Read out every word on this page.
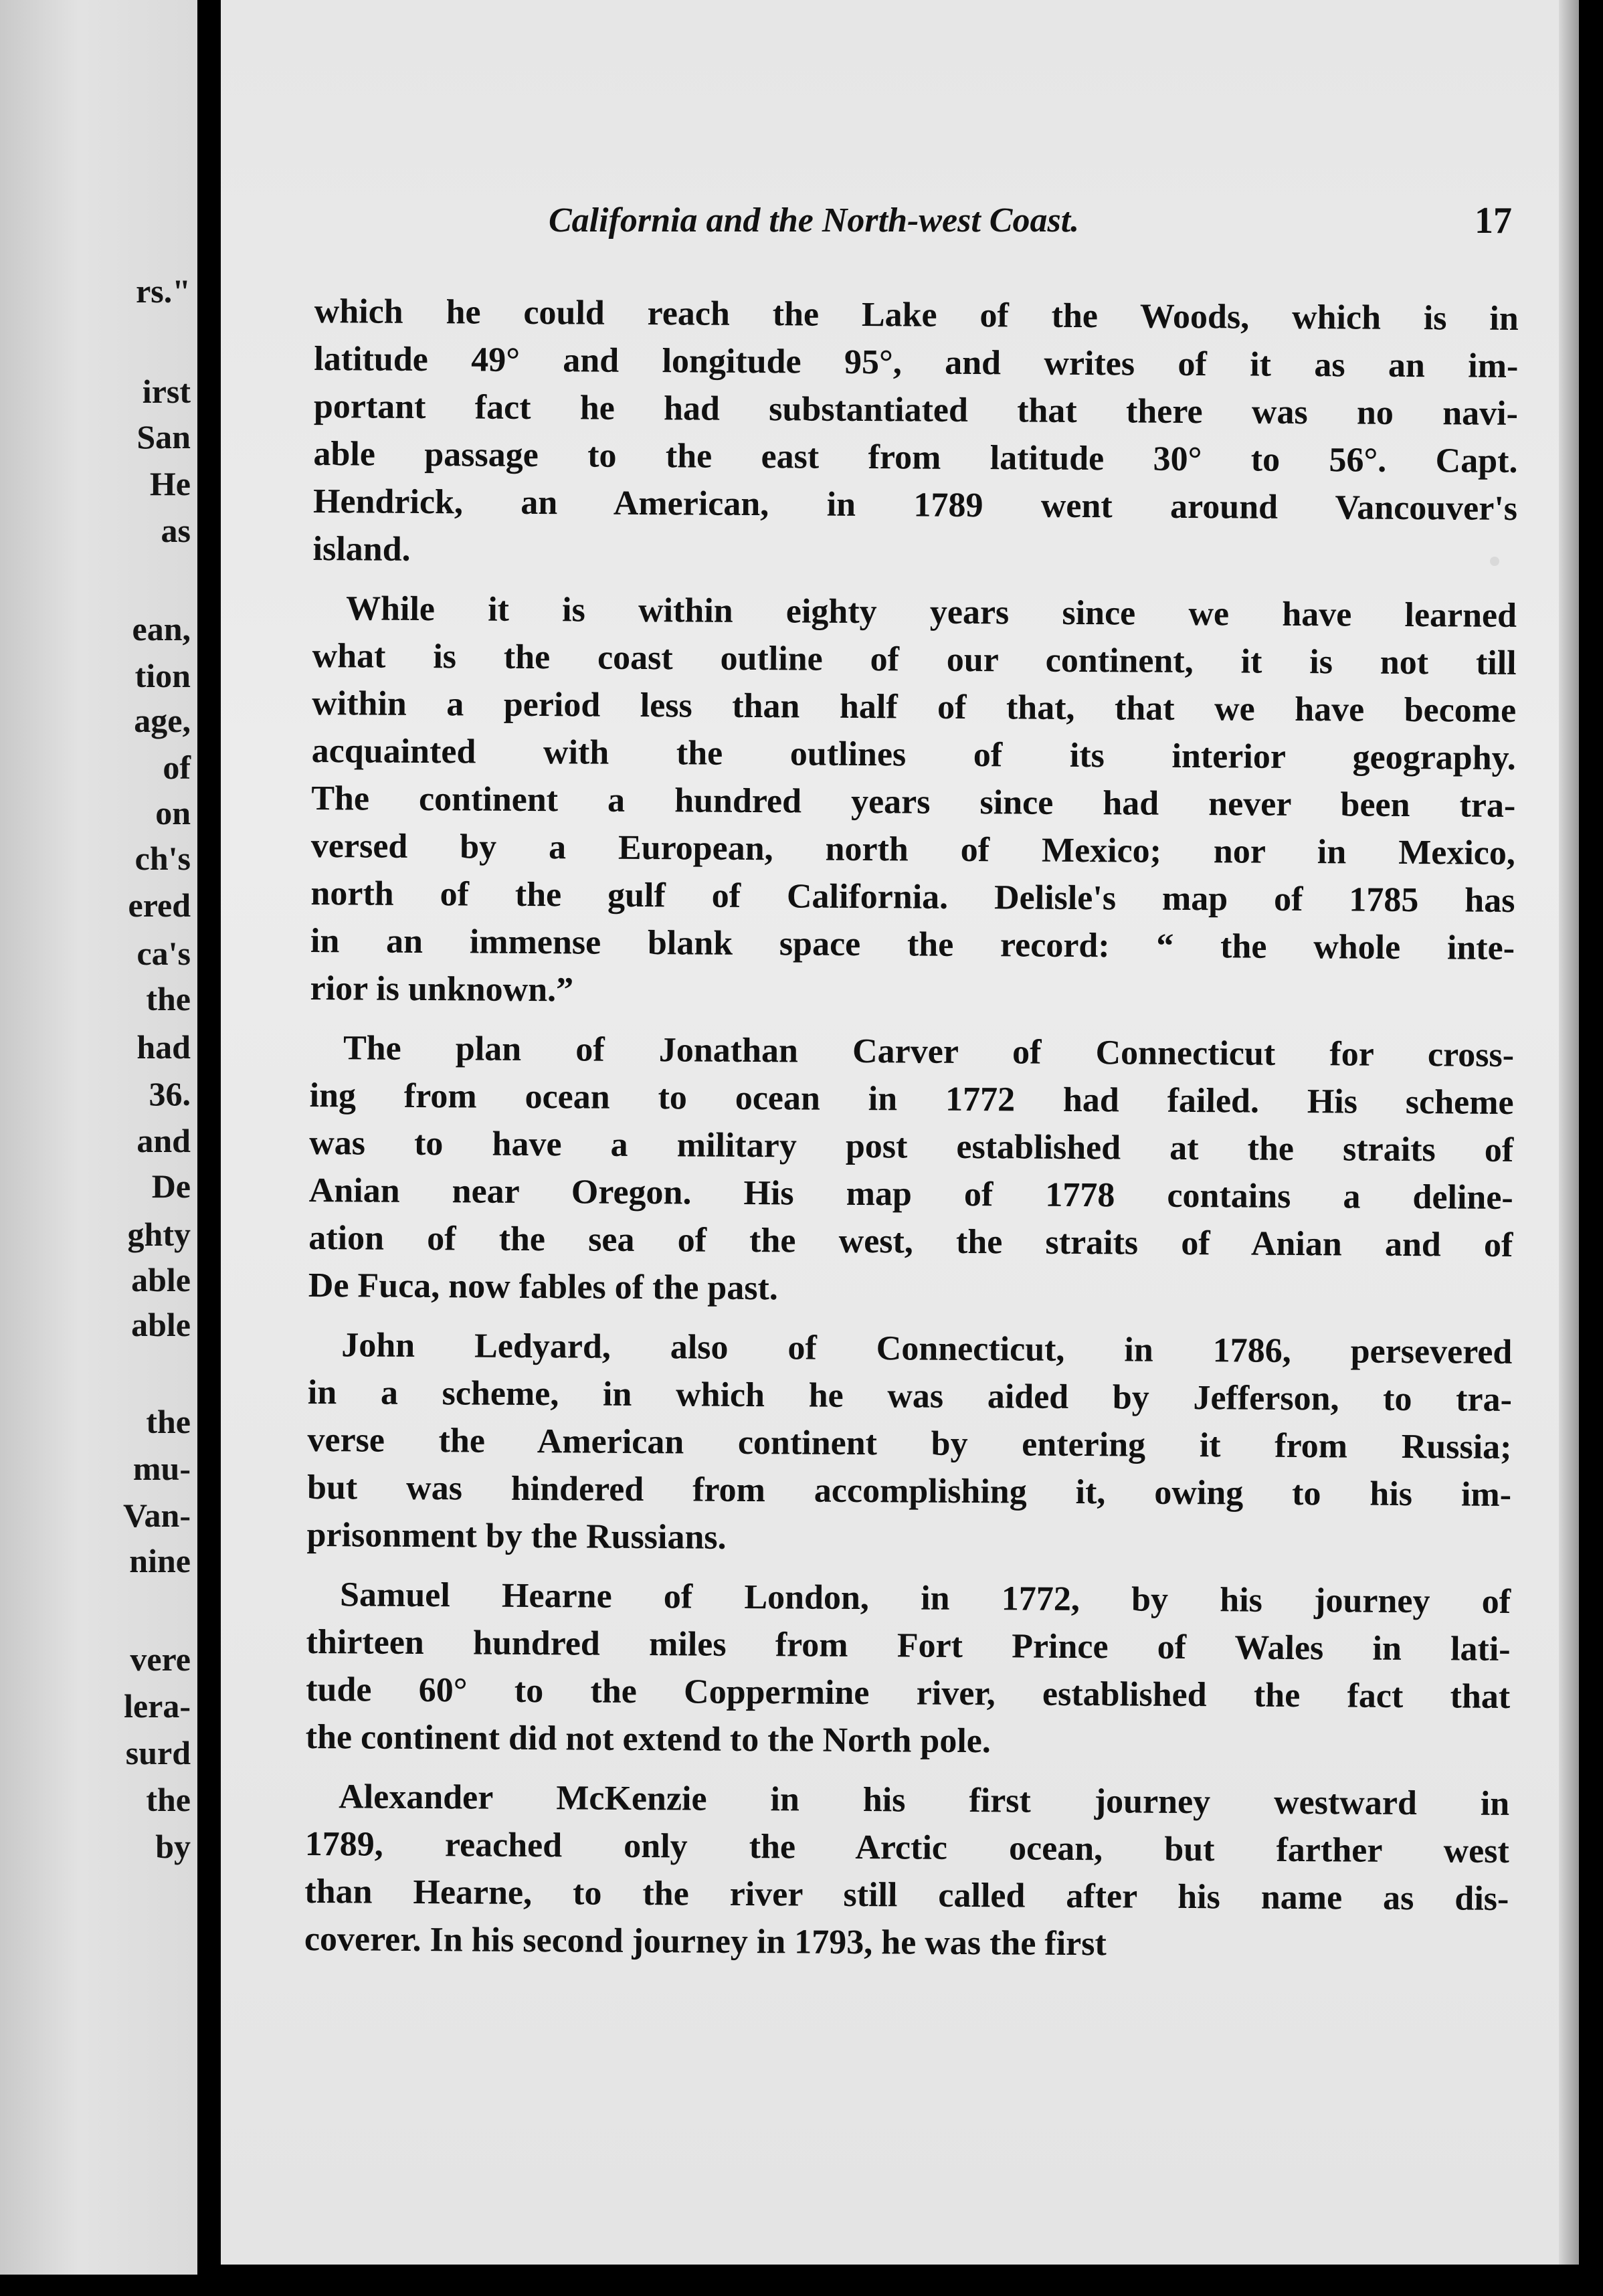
rs."
irst
San
He
as
ean,
tion
age,
of
on
ch's
ered
ca's
the
had
36.
and
De
ghty
able
able
the
mu-
Van-
nine
vere
lera-
surd
the
by
California and the North-west Coast.	17
which he could reach the Lake of the Woods, which is in
latitude 49° and longitude 95°, and writes of it as an im-
portant fact he had substantiated that there was no navi-
able passage to the east from latitude 30° to 56°. Capt.
Hendrick, an American, in 1789 went around Vancouver's
island.
While it is within eighty years since we have learned
what is the coast outline of our continent, it is not till
within a period less than half of that, that we have become
acquainted with the outlines of its interior geography.
The continent a hundred years since had never been tra-
versed by a European, north of Mexico; nor in Mexico,
north of the gulf of California. Delisle's map of 1785 has
in an immense blank space the record: “ the whole inte-
rior is unknown.”
The plan of Jonathan Carver of Connecticut for cross-
ing from ocean to ocean in 1772 had failed. His scheme
was to have a military post established at the straits of
Anian near Oregon. His map of 1778 contains a deline-
ation of the sea of the west, the straits of Anian and of
De Fuca, now fables of the past.
John Ledyard, also of Connecticut, in 1786, persevered
in a scheme, in which he was aided by Jefferson, to tra-
verse the American continent by entering it from Russia;
but was hindered from accomplishing it, owing to his im-
prisonment by the Russians.
Samuel Hearne of London, in 1772, by his journey of
thirteen hundred miles from Fort Prince of Wales in lati-
tude 60° to the Coppermine river, established the fact that
the continent did not extend to the North pole.
Alexander McKenzie in his first journey westward in
1789, reached only the Arctic ocean, but farther west
than Hearne, to the river still called after his name as dis-
coverer. In his second journey in 1793, he was the first
